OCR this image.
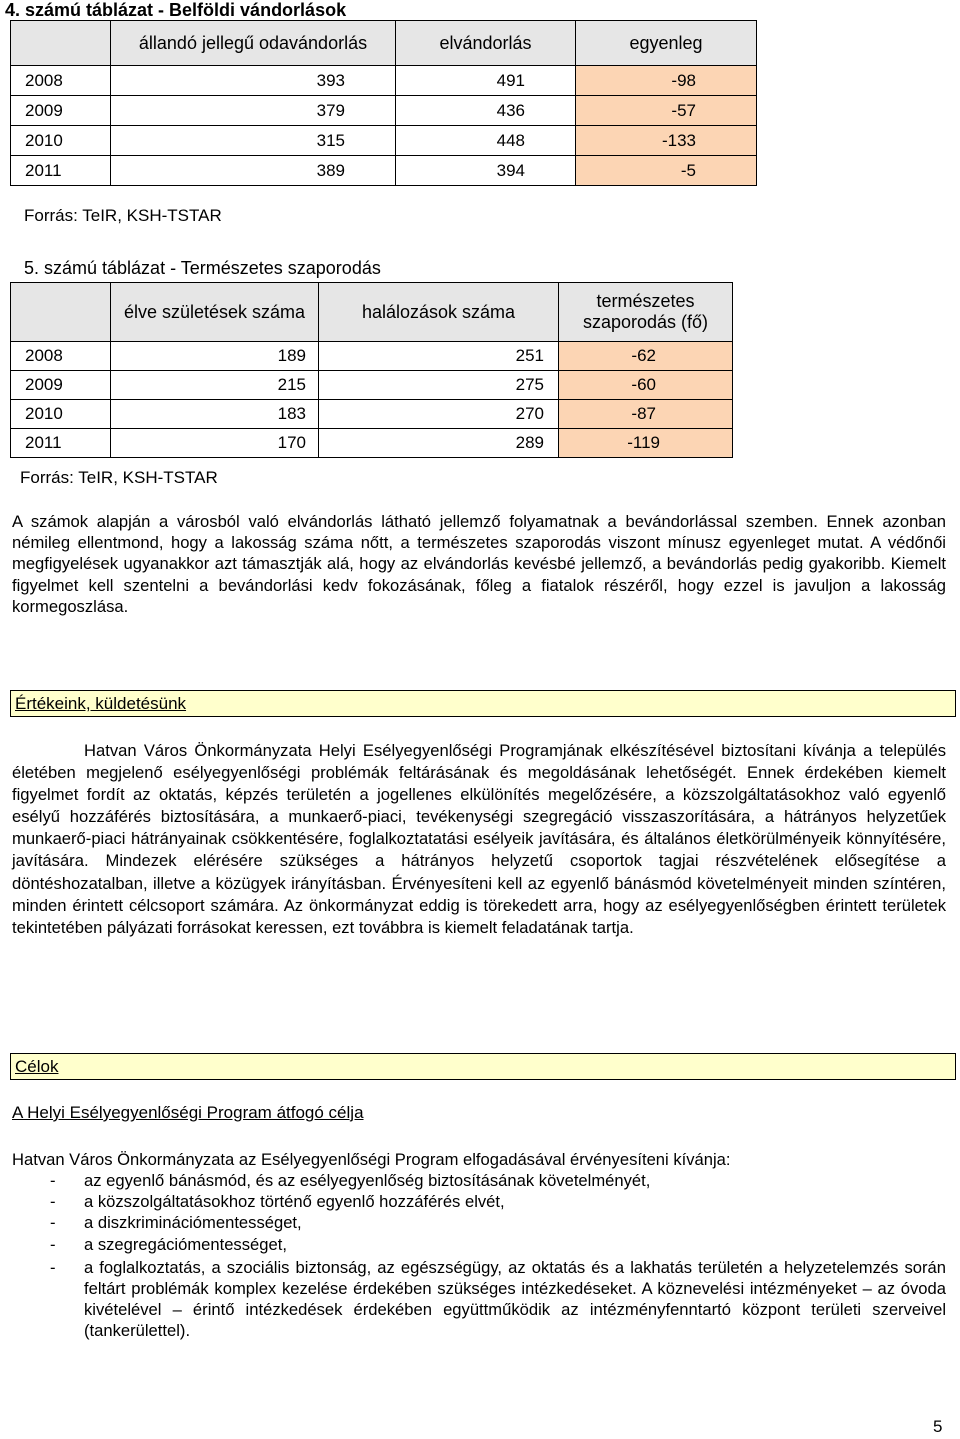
4. számú táblázat - Belföldi vándorlások
	állandó jellegű odavándorlás	elvándorlás	egyenleg
2008	393	491	-98
2009	379	436	-57
2010	315	448	-133
2011	389	394	-5
Forrás: TeIR, KSH-TSTAR
5. számú táblázat - Természetes szaporodás
	élve születések száma	halálozások száma	természetes szaporodás (fő)
2008	189	251	-62
2009	215	275	-60
2010	183	270	-87
2011	170	289	-119
Forrás: TeIR, KSH-TSTAR
A számok alapján a városból való elvándorlás látható jellemző folyamatnak a bevándorlással szemben. Ennek azonban némileg ellentmond, hogy a lakosság száma nőtt, a természetes szaporodás viszont mínusz egyenleget mutat. A védőnői megfigyelések ugyanakkor azt támasztják alá, hogy az elvándorlás kevésbé jellemző, a bevándorlás pedig gyakoribb. Kiemelt figyelmet kell szentelni a bevándorlási kedv fokozásának, főleg a fiatalok részéről, hogy ezzel is javuljon a lakosság kormegoszlása.
Értékeink, küldetésünk
Hatvan Város Önkormányzata Helyi Esélyegyenlőségi Programjának elkészítésével biztosítani kívánja a település életében megjelenő esélyegyenlőségi problémák feltárásának és megoldásának lehetőségét. Ennek érdekében kiemelt figyelmet fordít az oktatás, képzés területén a jogellenes elkülönítés megelőzésére, a közszolgáltatásokhoz való egyenlő esélyű hozzáférés biztosítására, a munkaerő-piaci, tevékenységi szegregáció visszaszorítására, a hátrányos helyzetűek munkaerő-piaci hátrányainak csökkentésére, foglalkoztatatási esélyeik javítására, és általános életkörülményeik könnyítésére, javítására. Mindezek elérésére szükséges a hátrányos helyzetű csoportok tagjai részvételének elősegítése a döntéshozatalban, illetve a közügyek irányításban. Érvényesíteni kell az egyenlő bánásmód követelményeit minden színtéren, minden érintett célcsoport számára. Az önkormányzat eddig is törekedett arra, hogy az esélyegyenlőségben érintett területek tekintetében pályázati forrásokat keressen, ezt továbbra is kiemelt feladatának tartja.
Célok
A Helyi Esélyegyenlőségi Program átfogó célja
Hatvan Város Önkormányzata az Esélyegyenlőségi Program elfogadásával érvényesíteni kívánja:
- az egyenlő bánásmód, és az esélyegyenlőség biztosításának követelményét,
- a közszolgáltatásokhoz történő egyenlő hozzáférés elvét,
- a diszkriminációmentességet,
- a szegregációmentességet,
- a foglalkoztatás, a szociális biztonság, az egészségügy, az oktatás és a lakhatás területén a helyzetelemzés során feltárt problémák komplex kezelése érdekében szükséges intézkedéseket. A köznevelési intézményeket – az óvoda kivételével – érintő intézkedések érdekében együttműködik az intézményfenntartó központ területi szerveivel (tankerülettel).
5
